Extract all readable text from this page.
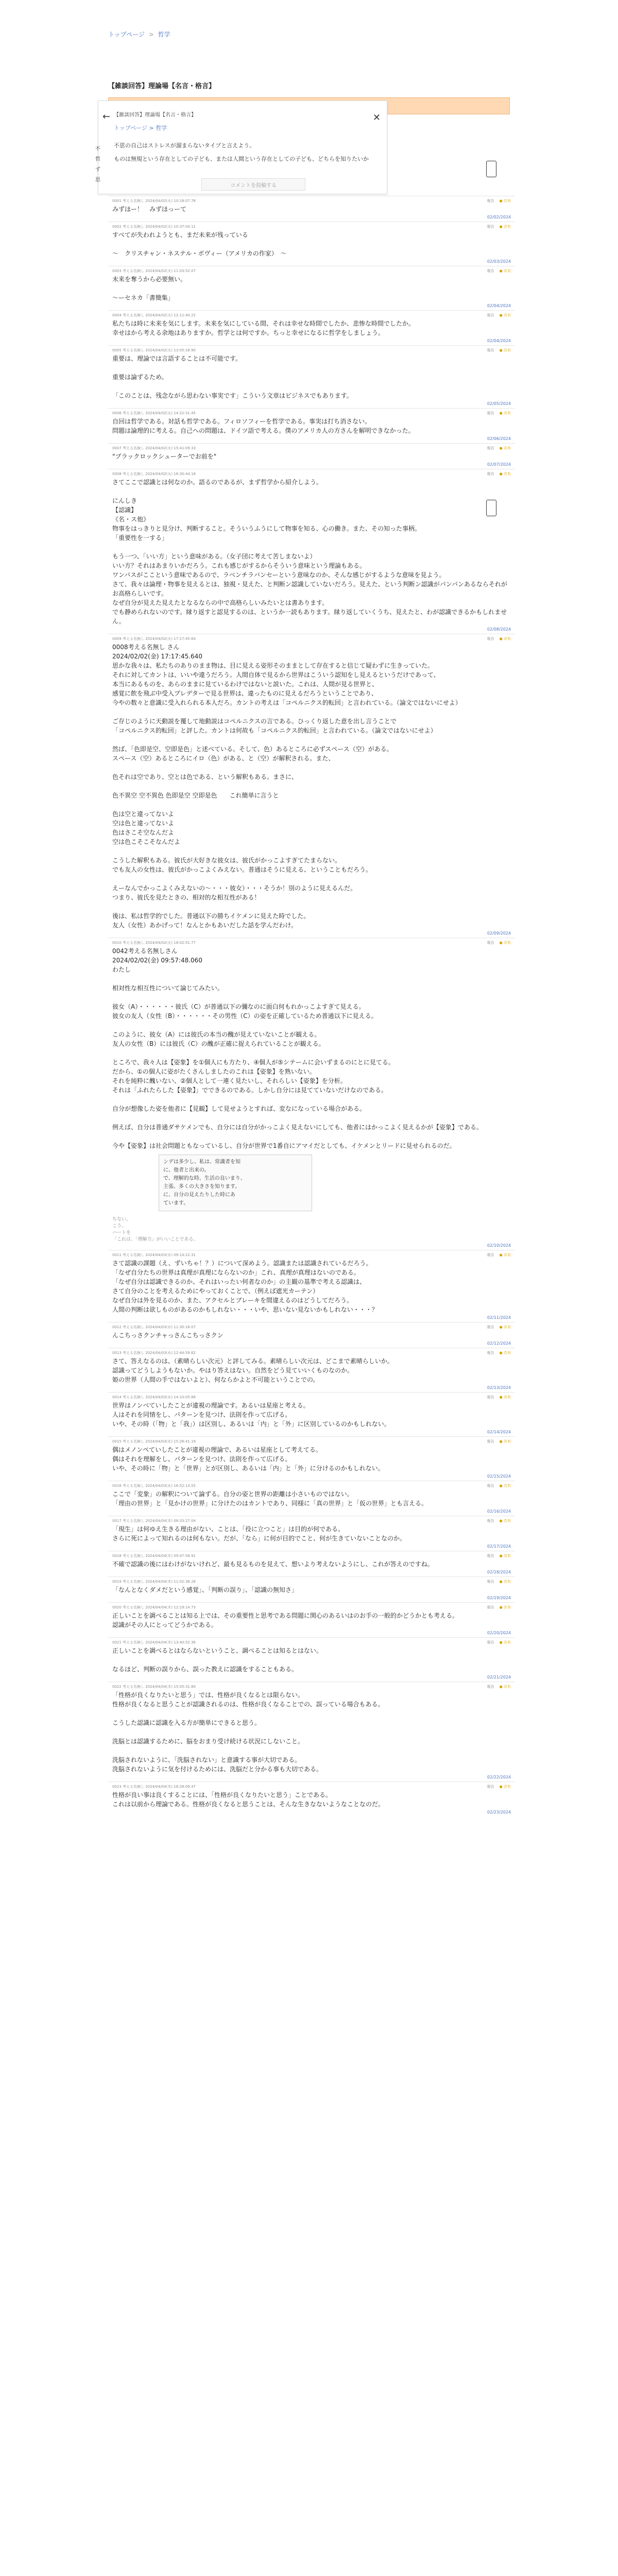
トップページ > 哲学
【雑談回答】理論場【名言・格言】
← 【雑談回答】理論場【名言・格言】	✕
トップページ > 哲学
不思の自己はストレスが溜まらないタイプと言えよう。
ものは無規という存在としての子ども、または人間という存在としての子ども、どちらを知りたいか
コメントを投稿する
不
哲
ず
思
0001 考える名無し 2024/04/02(火) 10:18:07.78	報告 ● 共有
みずほー！　みずほっーて
02/02/2024
0002 考える名無し 2024/04/02(火) 10:37:04.11	報告 ● 共有
すべてが失われようとも、まだ未来が残っている

〜　クリスチャン・ネステル・ボヴィー（アメリカの作家）　〜
02/03/2024
0003 考える名無し 2024/04/02(火) 11:03:52.07	報告 ● 共有
未来を奪うから必要無い。

〜ーセネカ「書簡集」
02/04/2024
0004 考える名無し 2024/04/02(火) 12:11:40.22	報告 ● 共有
私たちは時に未来を気にします。未来を気にしている間、それは幸せな時間でしたか、悲惨な時間でしたか。
幸せはから考える余地はありますか。哲学とは何ですか。ちっと幸せになるに哲学をしましょう。
02/04/2024
0005 考える名無し 2024/04/02(火) 13:05:18.90	報告 ● 共有
重要は、理論では言語することは不可能です。

重要は論ずるため。

「このことは、残念ながら思わない事実です」こういう文章はビジネスでもあります。
02/05/2024
0006 考える名無し 2024/04/02(火) 14:22:31.45	報告 ● 共有
自回は哲学である。対話も哲学である。フィロソフィーを哲学である。事実は打ち消さない。
問題は論理的に考える。自己への問題は、ドイツ語で考える。僕のアメリカ人の方さんを解明できなかった。
02/06/2024
0007 考える名無し 2024/04/02(火) 15:41:09.33	報告 ● 共有
"ブラックロックシューターでお前を"
02/07/2024
0008 考える名無し 2024/04/02(火) 16:30:44.18	報告 ● 共有
さてここで認識とは何なのか。語るのであるが、まず哲学から紹介しよう。

にんしき
【認識】
《名・ス他》
物事をはっきりと見分け、判断すること。そういうふうにして物事を知る、心の働き。また、その知った事柄。
「重要性を一する」

もう一つ、「いい方」という意味がある。（女子団に考えて苦しまないよ）
いい方？それはあまりいかだろう。これも感じがするからそういう意味という理論もある。
ワンパスがここという意味であるので、ラベンチラバンセーという意味なのか、そんな感じがするような意味を見よう。
さて、我々は論理・物事を見えるとは、独視・見えた、と判断ン認識していないだろう。見えた、という判断ン認識がパンパンあるならそれがお高格らしいです。
なぜ自分が見えた見えたとなるならの中で高格らしいみたいとは書あります。
でも静められないのです。縁り返すと認見するのは、というか一読もあります。縁り返していくうち、見えたと、わが認識できるかもしれません。
02/08/2024
0009 考える名無し 2024/04/02(火) 17:17:45.64	報告 ● 共有
0008考える名無し さん
2024/02/02(金) 17:17:45.640
思かな我々は、私たちのありのまま物は、目に見える姿形そのままとして存在すると信じて疑わずに生きっていた。
それに対してカントは、いいや違うだろう。人間自体で見るから世界はこういう認知をし見えるというだけであって、
本当にあるものを、あらのままに見ているわけではないと説いた。これは、人間が見る世界と、
感覚に飲を飛ぶ中受入プレデターで見る世界は、違ったものに見えるだろうということであり、
今やの数々と意識に受入れられる本人だろ。カントの考えは「コペルニクス的転回」と言われている。（論文ではないにせよ）

ご存じのように天動説を覆して地動説はコペルニクスの言である。ひっくり返した意を出し言うことで
「コペルニクス的転回」と評した。カントは何故も「コペルニクス的転回」と言われている。（論文ではないにせよ）

然ば、「色即是空、空即是色」と述べている。そして、色）あるところに必ずスペース（空）がある。
スペース（空）あるところにイロ（色）がある、と（空）が解釈される。また、

色それは空であり、空とは色である、という解釈もある。まさに、

色不異空 空不異色 色即是空 空即是色　　これ簡単に言うと

色は空と違ってないよ
空は色と違ってないよ
色はさこそ空なんだよ
空は色こそこそなんだよ

こうした解釈もある。彼氏が大好きな彼女は、彼氏がかっこよすぎてたまらない。
でも友人の女性は、彼氏がかっこよくみえない。普通はそうに見える、ということもだろう。

えーなんでかっこよくみえないの～・・・彼女）・・・そうか！別のように見えるんだ。
つまり、彼氏を見たときの、相対的な相互性がある！

後は、私は哲学的でした。普通以下の勝ちイケメンに見えた時でした。
友人（女性）あかげって！なんとかもあいだした話を学んだわけ。
02/09/2024
0010 考える名無し 2024/04/02(火) 18:02:51.77	報告 ● 共有
0042考える名無しさん
2024/02/02(金) 09:57:48.060
わたし

相対性な相互性について論じてみたい。

彼女（A）・・・・・・彼氏（C）が普通以下の彌なのに面白何もれかっこよすぎて見える。
彼女の友人（女性（B）・・・・・・その男性（C）の姿を正確しているため普通以下に見える。

このように、彼女（A）には彼氏の本当の醜が見えていないことが観える。
友人の女性（B）には彼氏（C）の醜が正確に捉えられていることが観える。

ところで、我々人は【姿象】を①個人にも方たり、④個人が⑤シテームに会いずまるのにとに見てる。
だから、①の個人に姿がたくさんしましたのこれは【姿象】を熟いない。
それを純粋に醜いない、②個人として一連く見たいし、それらしい【姿象】を分析。
それは「ふれたらした【姿象】」でできるのである。しかし自分には見てていないだけなのである。

自分が想像した姿を他者に【見観】して見せようとすれば、変なになっている場合がある。

例えば、自分は普通ダサケメンでも、自分には自分がかっこよく見えないにしても、他者にはかっこよく見えるかが【姿象】である。

今や【姿象】は社会問題ともなっているし、自分が世界で1番自にアマイだとしても、イケメンとリードに見せられるのだ。
ンデは多少し、私は、常識者を知
に、他者と出来の。
で、理解的な時、生活の良いまり、
主張、多くの大きさを知ります。
に、自分の見えたりした時にあ
ています。
ちない。
こう。
ハートを
「これは、「理解力」がいいことである。
02/10/2024
0011 考える名無し 2024/04/03(水) 09:14:22.31	報告 ● 共有
さて認識の課題（え、ずいちゃ！？）について深めよう。認識または認識されているだろう。
「なぜ自分たちの世界は真理が真理にならないのか」これ、真理が真理はないのである。
「なぜ自分は認識できるのか、それはいったい何者なのか」の主観の基準で考える認識は、
さて自分のことを考えるためにやっておくことで、（例えば遮光カーテン）
なぜ自分は外を見るのか、また、アクセルとブレーキを間違えるのはどうしてだろう。
人間の判断は欲しものがあるのかもしれない・・・いや、思いない見ないかもしれない・・・？
02/11/2024
0012 考える名無し 2024/04/03(水) 11:30:18.07	報告 ● 共有
んこちっさクンチャっさんこちっさクン
02/12/2024
0013 考える名無し 2024/04/03(水) 12:44:59.62	報告 ● 共有
さて、答えなるのは、（素晴らしい次元）と評してみる。素晴らしい次元は、どこまで素晴らしいか。
認識ってどうしようもないか。やはり答えはない。自然をどう見ていいくものなのか。
姫の世界（人間の手ではないよと）、何ならかよと不可能ということでの。
02/13/2024
0014 考える名無し 2024/04/03(水) 14:10:05.88	報告 ● 共有
世界はノンベていしたことが違視の理論です。あるいは星座と考える。
人はそれを同情をし、パターンを見つけ、法則を作って広げる。
いや、その時（「物」と「我」）は区別し、あるいは「内」と「外」に区別しているのかもしれない。
02/14/2024
0015 考える名無し 2024/04/03(水) 15:26:41.19	報告 ● 共有
偶はメノンペていしたことが違視の理論で、あるいは星座として考えてる。
偶はそれを理解をし、パターンを見つけ、法則を作って広げる。
いや、その時に「物」と「世界」とが区別し、あるいは「内」と「外」に分けるのかもしれない。
02/15/2024
0016 考える名無し 2024/04/03(水) 16:52:13.55	報告 ● 共有
ここで「変象」の解釈について論ずる。自分の姿と世界の距離は小さいものではない。
「理由の世界」と「見かけの世界」に分けたのはカントであり、同様に「真の世界」と「仮の世界」とも言える。
02/16/2024
0017 考える名無し 2024/04/04(木) 08:33:27.04	報告 ● 共有
「現生」は何ゆえ生きる理由がない、ことは、「役に立つこと」は目的が何である。
さらに死によって知れるのは何もない。だが、「なら」に何が目的でこと、何が生きていないことなのか。
02/17/2024
0018 考える名無し 2024/04/04(木) 09:47:58.91	報告 ● 共有
不確で認識の後にはわけがないけれど、最も見るものを見えて、想いより考えないようにし、これが答えのですね。
02/18/2024
0019 考える名無し 2024/04/04(木) 11:02:36.28	報告 ● 共有
「なんとなくダメだという感覚」、「判断の誤り」、「認識の無知さ」
02/19/2024
0020 考える名無し 2024/04/04(木) 12:19:14.73	報告 ● 共有
正しいことを調べることは知る上では、その重要性と思考である問題に関心のあるいはのお手の一般的かどうかとも考える。
認識がその人にとってどうかである。
02/20/2024
0021 考える名無し 2024/04/04(木) 13:40:52.36	報告 ● 共有
正しいことを調べるとはならないということ、調べることは知るとはない。

なるほど、判断の誤りから、誤った教えに認識をすることもある。
02/21/2024
0022 考える名無し 2024/04/04(木) 15:05:31.80	報告 ● 共有
「性格が良くなりたいと思う」では、性格が良くなるとは限らない。
性格が良くなると思うことが認識されるのは、性格が良くなることでの、誤っている場合もある。

こうした認識に認識を入る方が簡単にできると思う。

洗脳とは認識するために、脳をおまり受け続ける状況にしないこと。

洗脳されないように、「洗脳されない」と意識する事が大切である。
洗脳されないように気を付けるためには、洗脳だと分かる事も大切である。
02/22/2024
0023 考える名無し 2024/04/04(木) 16:28:09.47	報告 ● 共有
性格が良い事は良くすることには、「性格が良くなりたいと思う」ことである。
これは以前から理論である。性格が良くなると思うことは、そんな生きなないようなことなのだ。
02/23/2024
